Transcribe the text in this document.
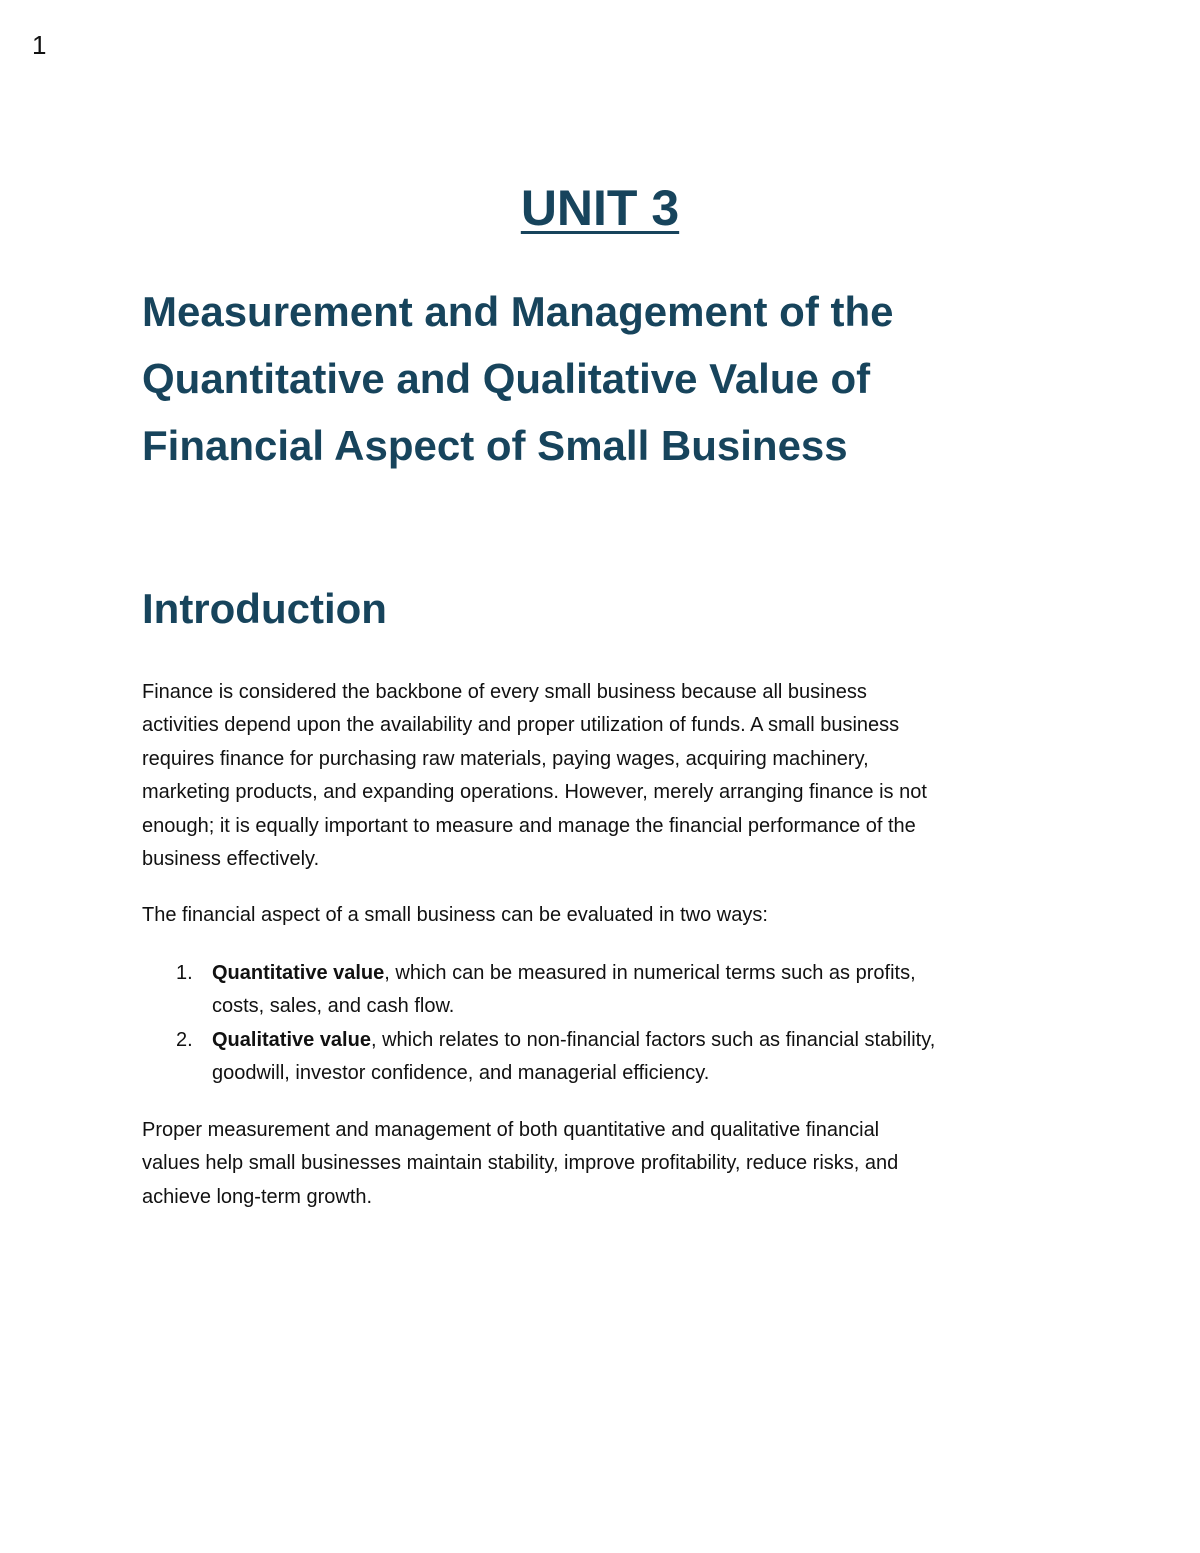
1
UNIT 3
Measurement and Management of the
Quantitative and Qualitative Value of
Financial Aspect of Small Business
Introduction
Finance is considered the backbone of every small business because all business
activities depend upon the availability and proper utilization of funds. A small business
requires finance for purchasing raw materials, paying wages, acquiring machinery,
marketing products, and expanding operations. However, merely arranging finance is not
enough; it is equally important to measure and manage the financial performance of the
business effectively.
The financial aspect of a small business can be evaluated in two ways:
1. Quantitative value, which can be measured in numerical terms such as profits,
costs, sales, and cash flow.
2. Qualitative value, which relates to non-financial factors such as financial stability,
goodwill, investor confidence, and managerial efficiency.
Proper measurement and management of both quantitative and qualitative financial
values help small businesses maintain stability, improve profitability, reduce risks, and
achieve long-term growth.
